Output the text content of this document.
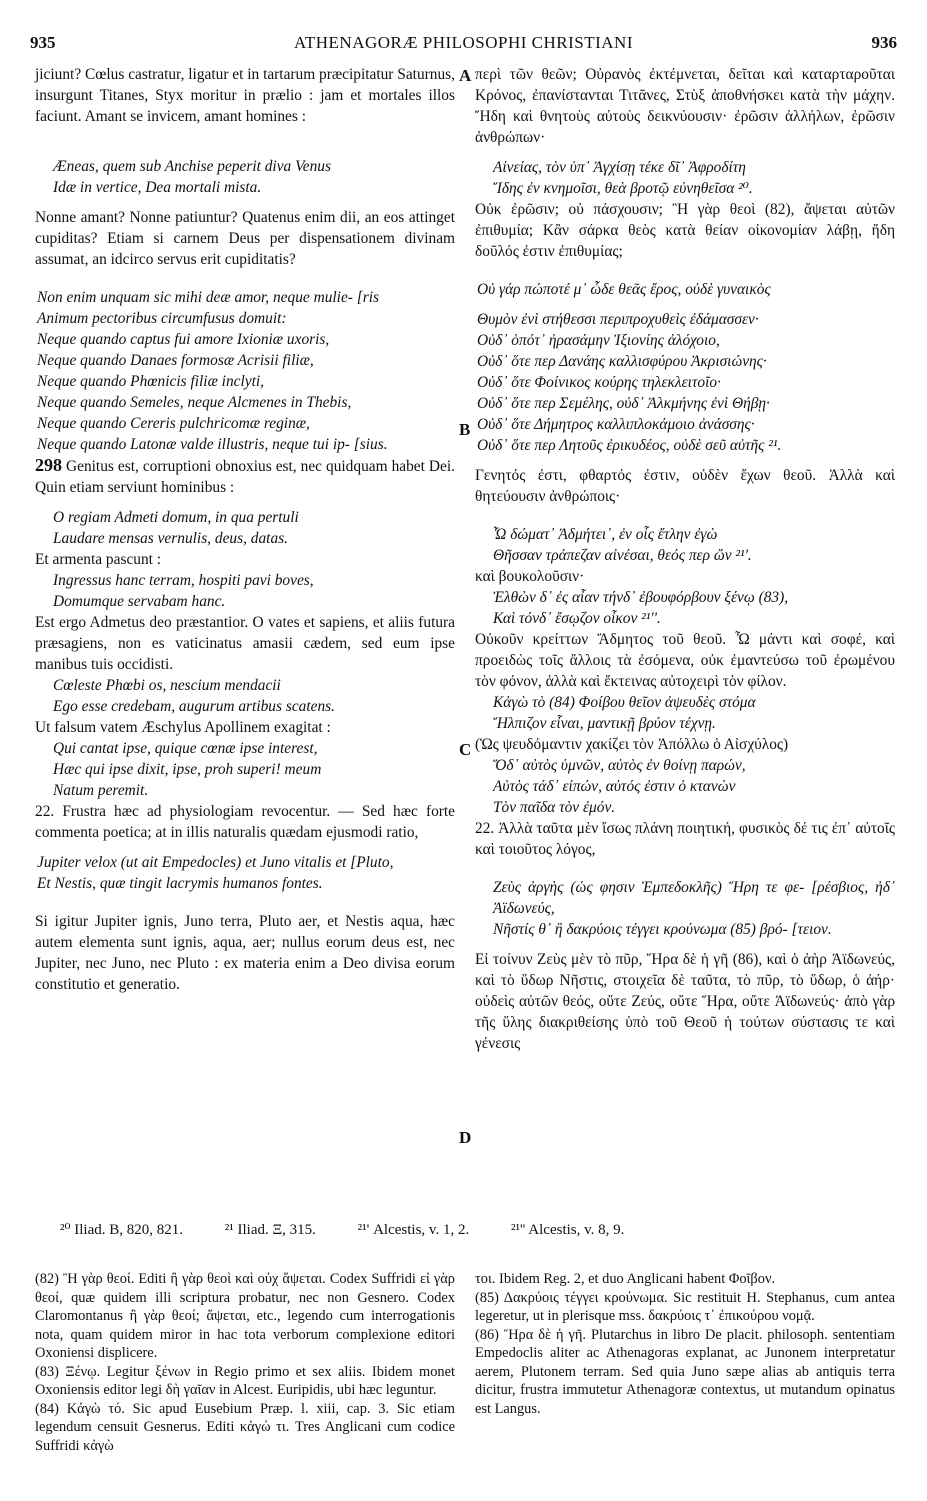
935	ATHENAGORÆ PHILOSOPHI CHRISTIANI	936
A
B
C
D

jiciunt? Cœlus castratur, ligatur et in tartarum præcipitatur Saturnus, insurgunt Titanes, Styx moritur in prælio : jam et mortales illos faciunt. Amant se invicem, amant homines :

Æneas, quem sub Anchise peperit diva Venus

Idæ in vertice, Dea mortali mista.

Nonne amant? Nonne patiuntur? Quatenus enim dii, an eos attinget cupiditas? Etiam si carnem Deus per dispensationem divinam assumat, an idcirco servus erit cupiditatis?

Non enim unquam sic mihi deæ amor, neque mulie- [ris

Animum pectoribus circumfusus domuit:

Neque quando captus fui amore Ixioniæ uxoris,

Neque quando Danaes formosæ Acrisii filiæ,

Neque quando Phœnicis filiæ inclyti,

Neque quando Semeles, neque Alcmenes in Thebis,

Neque quando Cereris pulchricomæ reginæ,

Neque quando Latonæ valde illustris, neque tui ip- [sius.

298 Genitus est, corruptioni obnoxius est, nec quidquam habet Dei. Quin etiam serviunt hominibus :

O regiam Admeti domum, in qua pertuli

Laudare mensas vernulis, deus, datas.

Et armenta pascunt :

Ingressus hanc terram, hospiti pavi boves,

Domumque servabam hanc.

Est ergo Admetus deo præstantior. O vates et sapiens, et aliis futura præsagiens, non es vaticinatus amasii cædem, sed eum ipse manibus tuis occidisti.

Cœleste Phœbi os, nescium mendacii

Ego esse credebam, augurum artibus scatens.

Ut falsum vatem Æschylus Apollinem exagitat :

Qui cantat ipse, quique cœnæ ipse interest,

Hæc qui ipse dixit, ipse, proh superi! meum

Natum peremit.

22. Frustra hæc ad physiologiam revocentur. — Sed hæc forte commenta poetica; at in illis naturalis quædam ejusmodi ratio,

Jupiter velox (ut ait Empedocles) et Juno vitalis et [Pluto,

Et Nestis, quæ tingit lacrymis humanos fontes.

Si igitur Jupiter ignis, Juno terra, Pluto aer, et Nestis aqua, hæc autem elementa sunt ignis, aqua, aer; nullus eorum deus est, nec Jupiter, nec Juno, nec Pluto : ex materia enim a Deo divisa eorum constitutio et generatio.

περὶ τῶν θεῶν; Οὐρανὸς ἐκτέμνεται, δεῖται καὶ καταρταροῦται Κρόνος, ἐπανίστανται Τιτᾶνες, Στὺξ ἀποθνήσκει κατὰ τὴν μάχην. Ἤδη καὶ θνητοὺς αὐτοὺς δεικνύουσιν· ἐρῶσιν ἀλλήλων, ἐρῶσιν ἀνθρώπων·

Αἰνείας, τὸν ὑπ᾽ Ἀγχίσῃ τέκε δῖ᾽ Ἀφροδίτη

Ἴδης ἐν κνημοῖσι, θεὰ βροτῷ εὐνηθεῖσα ²⁰.

Οὐκ ἐρῶσιν; οὐ πάσχουσιν; Ἢ γὰρ θεοὶ (82), ἄψεται αὐτῶν ἐπιθυμία; Κἂν σάρκα θεὸς κατὰ θείαν οἰκονομίαν λάβῃ, ἤδη δοῦλός ἐστιν ἐπιθυμίας;

Οὐ γάρ πώποτέ μ᾽ ὧδε θεᾶς ἔρος, οὐδὲ γυναικὸς

Θυμὸν ἐνὶ στήθεσσι περιπροχυθεὶς ἐδάμασσεν·

Οὐδ᾽ ὁπότ᾽ ἠρασάμην Ἰξιονίης ἀλόχοιο,

Οὐδ᾽ ὅτε περ Δανάης καλλισφύρου Ἀκρισιώνης·

Οὐδ᾽ ὅτε Φοίνικος κούρης τηλεκλειτοῖο·

Οὐδ᾽ ὅτε περ Σεμέλης, οὐδ᾽ Ἀλκμήνης ἐνὶ Θήβῃ·

Οὐδ᾽ ὅτε Δήμητρος καλλιπλοκάμοιο ἀνάσσης·

Οὐδ᾽ ὅτε περ Λητοῦς ἐρικυδέος, οὐδὲ σεῦ αὐτῆς ²¹.

Γενητός ἐστι, φθαρτός ἐστιν, οὐδὲν ἔχων θεοῦ. Ἀλλὰ καὶ θητεύουσιν ἀνθρώποις·

Ὦ δώματ᾽ Ἀδμήτει᾽, ἐν οἷς ἔτλην ἐγὼ

Θῆσσαν τράπεζαν αἰνέσαι, θεός περ ὤν ²¹'.

καὶ βουκολοῦσιν·

Ἐλθὼν δ᾽ ἐς αἶαν τήνδ᾽ ἐβουφόρβουν ξένῳ (83),

Καὶ τόνδ᾽ ἔσῳζον οἶκον ²¹''.

Οὐκοῦν κρείττων Ἄδμητος τοῦ θεοῦ. Ὦ μάντι καὶ σοφέ, καὶ προειδὼς τοῖς ἄλλοις τὰ ἐσόμενα, οὐκ ἐμαντεύσω τοῦ ἐρωμένου τὸν φόνον, ἀλλὰ καὶ ἔκτεινας αὐτοχειρὶ τὸν φίλον.

Κἀγὼ τὸ (84) Φοίβου θεῖον ἀψευδὲς στόμα

Ἤλπιζον εἶναι, μαντικῇ βρύον τέχνῃ.

(Ὡς ψευδόμαντιν χακίζει τὸν Ἀπόλλω ὁ Αἰσχύλος)

Ὅδ᾽ αὐτὸς ὑμνῶν, αὐτὸς ἐν θοίνῃ παρών,

Αὐτὸς τάδ᾽ εἰπών, αὐτός ἐστιν ὁ κτανὼν

Τὸν παῖδα τὸν ἐμόν.

22. Ἀλλὰ ταῦτα μὲν ἴσως πλάνη ποιητική, φυσικὸς δέ τις ἐπ᾽ αὐτοῖς καὶ τοιοῦτος λόγος,

Ζεὺς ἀργὴς (ὡς φησιν Ἐμπεδοκλῆς) Ἥρη τε φε- [ρέσβιος, ἠδ᾽ Ἀϊδωνεύς,

Νῆστίς θ᾽ ἣ δακρύοις τέγγει κρούνωμα (85) βρό- [τειον.

Εἰ τοίνυν Ζεὺς μὲν τὸ πῦρ, Ἥρα δὲ ἡ γῆ (86), καὶ ὁ ἀὴρ Ἀϊδωνεύς, καὶ τὸ ὕδωρ Νῆστις, στοιχεῖα δὲ ταῦτα, τὸ πῦρ, τὸ ὕδωρ, ὁ ἀήρ· οὐδεὶς αὐτῶν θεός, οὔτε Ζεύς, οὔτε Ἥρα, οὔτε Ἀϊδωνεύς· ἀπὸ γὰρ τῆς ὕλης διακριθείσης ὑπὸ τοῦ Θεοῦ ἡ τούτων σύστασις τε καὶ γένεσις

²⁰ Iliad. B, 820, 821.	²¹ Iliad. Ξ, 315.	²¹' Alcestis, v. 1, 2.	²¹'' Alcestis, v. 8, 9.

(82) Ἢ γὰρ θεοί. Editi ἢ γὰρ θεοὶ καὶ οὐχ ἅψεται. Codex Suffridi εἰ γὰρ θεοί, quæ quidem illi scriptura probatur, nec non Gesnero. Codex Claromontanus ἢ γὰρ θεοί; ἅψεται, etc., legendo cum interrogationis nota, quam quidem miror in hac tota verborum complexione editori Oxoniensi displicere.

(83) Ξένῳ. Legitur ξένων in Regio primo et sex aliis. Ibidem monet Oxoniensis editor legi δὴ γαῖαν in Alcest. Euripidis, ubi hæc leguntur.

(84) Κἀγὼ τό. Sic apud Eusebium Præp. l. xiii, cap. 3. Sic etiam legendum censuit Gesnerus. Editi κἀγώ τι. Tres Anglicani cum codice Suffridi κἀγὼ

τοι. Ibidem Reg. 2, et duo Anglicani habent Φοῖβον.

(85) Δακρύοις τέγγει κρούνωμα. Sic restituit H. Stephanus, cum antea legeretur, ut in plerisque mss. δακρύοις τ᾽ ἐπικούρου νομᾷ.

(86) Ἥρα δὲ ἡ γῆ. Plutarchus in libro De placit. philosoph. sententiam Empedoclis aliter ac Athenagoras explanat, ac Junonem interpretatur aerem, Plutonem terram. Sed quia Juno sæpe alias ab antiquis terra dicitur, frustra immutetur Athenagoræ contextus, ut mutandum opinatus est Langus.
